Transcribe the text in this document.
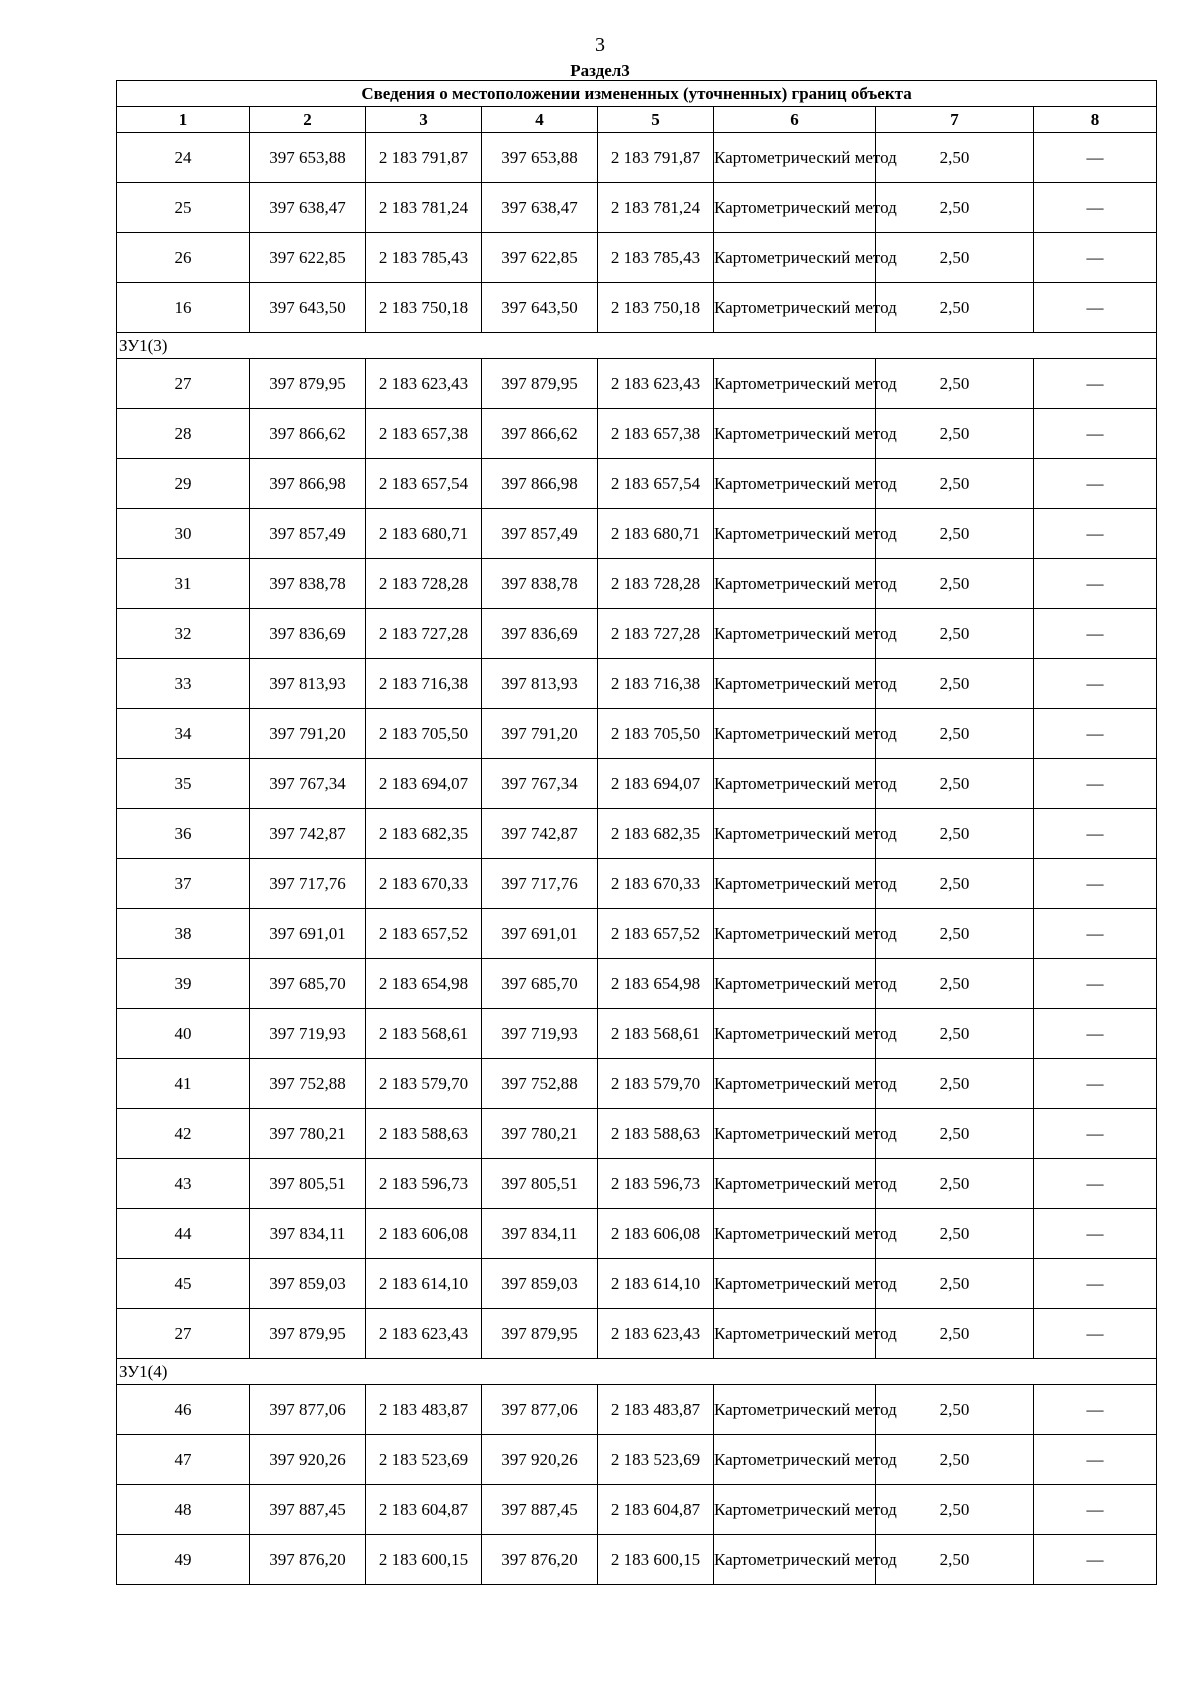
3
Раздел3
Сведения о местоположении измененных (уточненных) границ объекта							
1	2	3	4	5	6	7	8
24	397 653,88	2 183 791,87	397 653,88	2 183 791,87	Картометрический метод	2,50	—
25	397 638,47	2 183 781,24	397 638,47	2 183 781,24	Картометрический метод	2,50	—
26	397 622,85	2 183 785,43	397 622,85	2 183 785,43	Картометрический метод	2,50	—
16	397 643,50	2 183 750,18	397 643,50	2 183 750,18	Картометрический метод	2,50	—
ЗУ1(3)							
27	397 879,95	2 183 623,43	397 879,95	2 183 623,43	Картометрический метод	2,50	—
28	397 866,62	2 183 657,38	397 866,62	2 183 657,38	Картометрический метод	2,50	—
29	397 866,98	2 183 657,54	397 866,98	2 183 657,54	Картометрический метод	2,50	—
30	397 857,49	2 183 680,71	397 857,49	2 183 680,71	Картометрический метод	2,50	—
31	397 838,78	2 183 728,28	397 838,78	2 183 728,28	Картометрический метод	2,50	—
32	397 836,69	2 183 727,28	397 836,69	2 183 727,28	Картометрический метод	2,50	—
33	397 813,93	2 183 716,38	397 813,93	2 183 716,38	Картометрический метод	2,50	—
34	397 791,20	2 183 705,50	397 791,20	2 183 705,50	Картометрический метод	2,50	—
35	397 767,34	2 183 694,07	397 767,34	2 183 694,07	Картометрический метод	2,50	—
36	397 742,87	2 183 682,35	397 742,87	2 183 682,35	Картометрический метод	2,50	—
37	397 717,76	2 183 670,33	397 717,76	2 183 670,33	Картометрический метод	2,50	—
38	397 691,01	2 183 657,52	397 691,01	2 183 657,52	Картометрический метод	2,50	—
39	397 685,70	2 183 654,98	397 685,70	2 183 654,98	Картометрический метод	2,50	—
40	397 719,93	2 183 568,61	397 719,93	2 183 568,61	Картометрический метод	2,50	—
41	397 752,88	2 183 579,70	397 752,88	2 183 579,70	Картометрический метод	2,50	—
42	397 780,21	2 183 588,63	397 780,21	2 183 588,63	Картометрический метод	2,50	—
43	397 805,51	2 183 596,73	397 805,51	2 183 596,73	Картометрический метод	2,50	—
44	397 834,11	2 183 606,08	397 834,11	2 183 606,08	Картометрический метод	2,50	—
45	397 859,03	2 183 614,10	397 859,03	2 183 614,10	Картометрический метод	2,50	—
27	397 879,95	2 183 623,43	397 879,95	2 183 623,43	Картометрический метод	2,50	—
ЗУ1(4)							
46	397 877,06	2 183 483,87	397 877,06	2 183 483,87	Картометрический метод	2,50	—
47	397 920,26	2 183 523,69	397 920,26	2 183 523,69	Картометрический метод	2,50	—
48	397 887,45	2 183 604,87	397 887,45	2 183 604,87	Картометрический метод	2,50	—
49	397 876,20	2 183 600,15	397 876,20	2 183 600,15	Картометрический метод	2,50	—
